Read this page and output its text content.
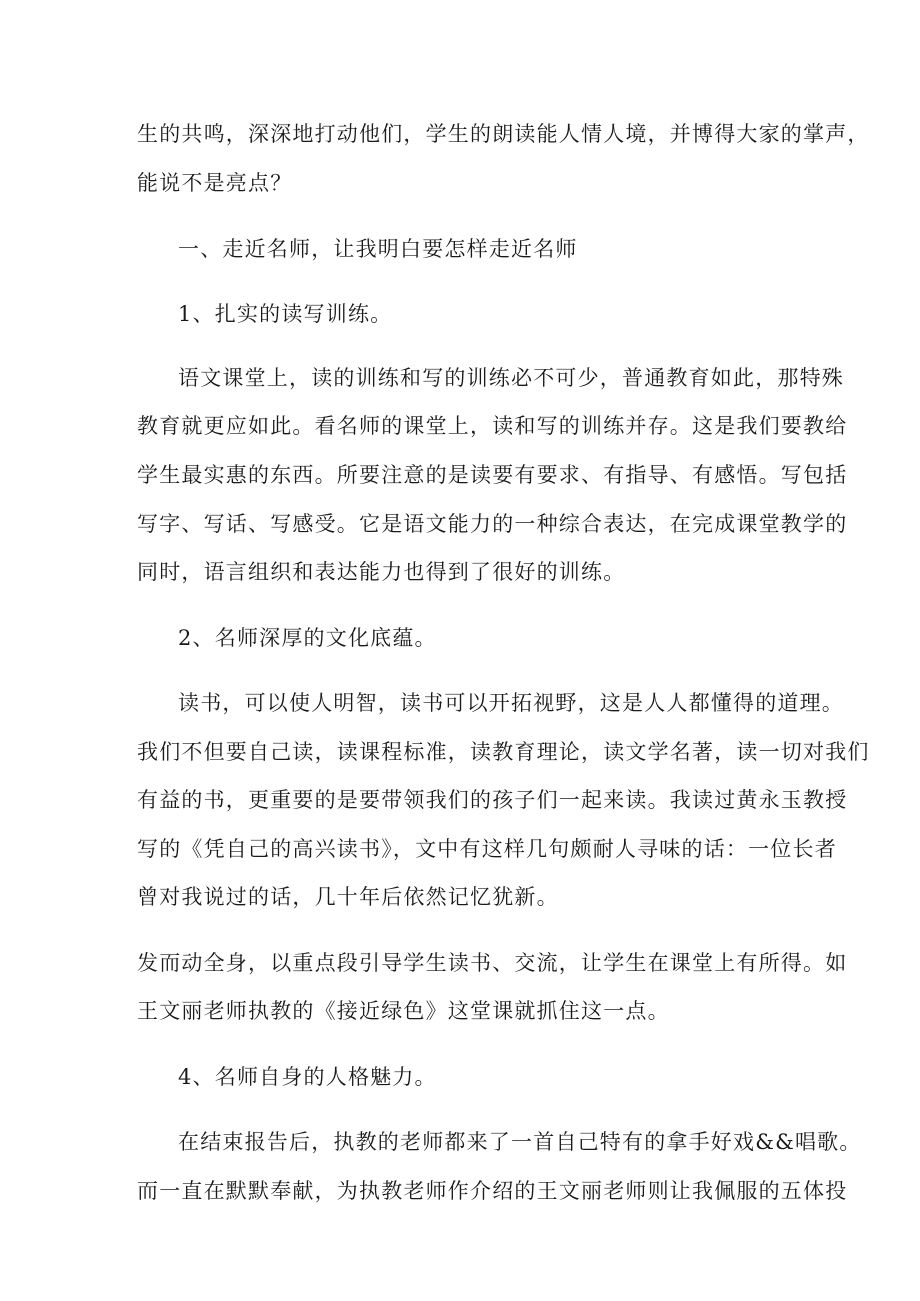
生的共鸣，深深地打动他们，学生的朗读能人情人境，并博得大家的掌声，
能说不是亮点？
一、走近名师，让我明白要怎样走近名师
1、扎实的读写训练。
语文课堂上，读的训练和写的训练必不可少，普通教育如此，那特殊
教育就更应如此。看名师的课堂上，读和写的训练并存。这是我们要教给
学生最实惠的东西。所要注意的是读要有要求、有指导、有感悟。写包括
写字、写话、写感受。它是语文能力的一种综合表达，在完成课堂教学的
同时，语言组织和表达能力也得到了很好的训练。
2、名师深厚的文化底蕴。
读书，可以使人明智，读书可以开拓视野，这是人人都懂得的道理。
我们不但要自己读，读课程标准，读教育理论，读文学名著，读一切对我们
有益的书，更重要的是要带领我们的孩子们一起来读。我读过黄永玉教授
写的《凭自己的高兴读书》，文中有这样几句颇耐人寻味的话：一位长者
曾对我说过的话，几十年后依然记忆犹新。
发而动全身，以重点段引导学生读书、交流，让学生在课堂上有所得。如
王文丽老师执教的《接近绿色》这堂课就抓住这一点。
4、名师自身的人格魅力。
在结束报告后，执教的老师都来了一首自己特有的拿手好戏&&唱歌。
而一直在默默奉献，为执教老师作介绍的王文丽老师则让我佩服的五体投
